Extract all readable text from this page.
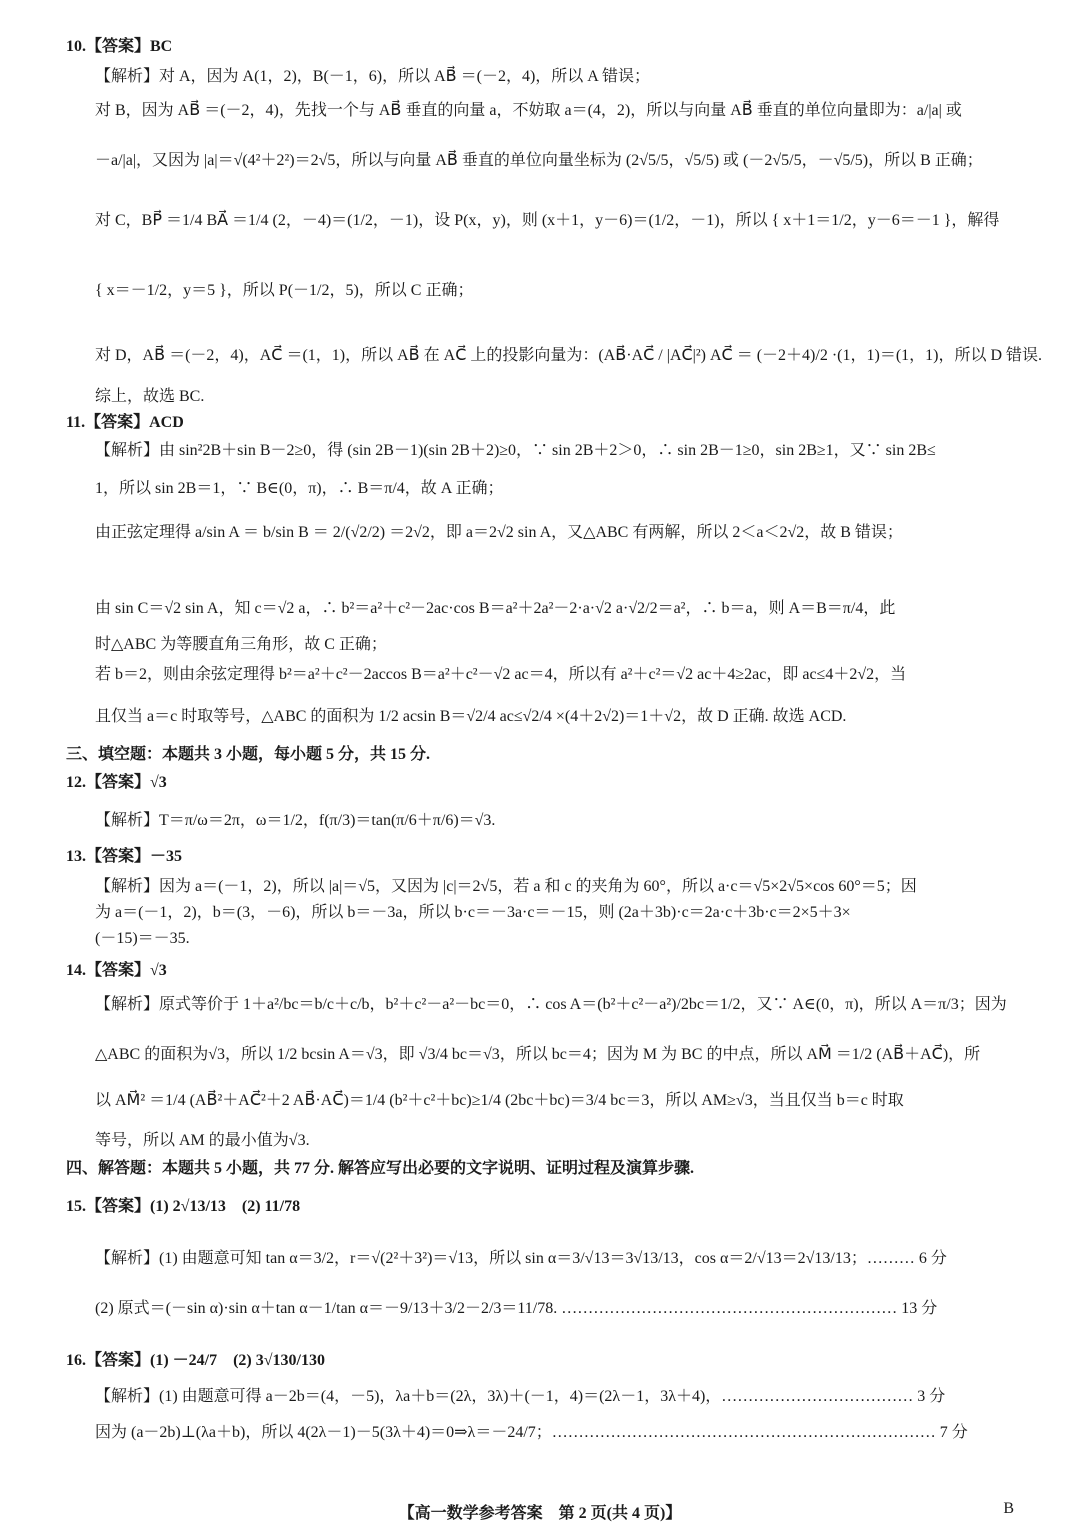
10.【答案】BC
【解析】对 A，因为 A(1，2)，B(－1，6)，所以 AB⃗ ＝(－2，4)，所以 A 错误；
对 B，因为 AB⃗ ＝(－2，4)，先找一个与 AB⃗ 垂直的向量 a，不妨取 a＝(4，2)，所以与向量 AB⃗ 垂直的单位向量即为：a/|a| 或
－a/|a|，又因为 |a|＝√(4²＋2²)＝2√5，所以与向量 AB⃗ 垂直的单位向量坐标为 (2√5/5，√5/5) 或 (－2√5/5，－√5/5)，所以 B 正确；
对 C，BP⃗ ＝1/4 BA⃗ ＝1/4 (2，－4)＝(1/2，－1)，设 P(x，y)，则 (x＋1，y－6)＝(1/2，－1)，所以 { x＋1＝1/2，y－6＝－1 }，解得
{ x＝－1/2，y＝5 }，所以 P(－1/2，5)，所以 C 正确；
对 D，AB⃗ ＝(－2，4)，AC⃗ ＝(1，1)，所以 AB⃗ 在 AC⃗ 上的投影向量为：(AB⃗·AC⃗ / |AC⃗|²) AC⃗ ＝ (－2＋4)/2 ·(1，1)＝(1，1)，所以 D 错误.
综上，故选 BC.
11.【答案】ACD
【解析】由 sin²2B＋sin B－2≥0，得 (sin 2B－1)(sin 2B＋2)≥0，∵ sin 2B＋2＞0，∴ sin 2B－1≥0，sin 2B≥1，又∵ sin 2B≤
1，所以 sin 2B＝1，∵ B∈(0，π)，∴ B＝π/4，故 A 正确；
由正弦定理得 a/sin A ＝ b/sin B ＝ 2/(√2/2) ＝2√2，即 a＝2√2 sin A，又△ABC 有两解，所以 2＜a＜2√2，故 B 错误；
由 sin C＝√2 sin A，知 c＝√2 a，∴ b²＝a²＋c²－2ac·cos B＝a²＋2a²－2·a·√2 a·√2/2＝a²，∴ b＝a，则 A＝B＝π/4，此
时△ABC 为等腰直角三角形，故 C 正确；
若 b＝2，则由余弦定理得 b²＝a²＋c²－2accos B＝a²＋c²－√2 ac＝4，所以有 a²＋c²＝√2 ac＋4≥2ac，即 ac≤4＋2√2，当
且仅当 a＝c 时取等号，△ABC 的面积为 1/2 acsin B＝√2/4 ac≤√2/4 ×(4＋2√2)＝1＋√2，故 D 正确. 故选 ACD.
三、填空题：本题共 3 小题，每小题 5 分，共 15 分.
12.【答案】√3
【解析】T＝π/ω＝2π，ω＝1/2，f(π/3)＝tan(π/6＋π/6)＝√3.
13.【答案】－35
【解析】因为 a＝(－1，2)，所以 |a|＝√5，又因为 |c|＝2√5，若 a 和 c 的夹角为 60°，所以 a·c＝√5×2√5×cos 60°＝5；因
为 a＝(－1，2)，b＝(3，－6)，所以 b＝－3a，所以 b·c＝－3a·c＝－15，则 (2a＋3b)·c＝2a·c＋3b·c＝2×5＋3×
(－15)＝－35.
14.【答案】√3
【解析】原式等价于 1＋a²/bc＝b/c＋c/b，b²＋c²－a²－bc＝0，∴ cos A＝(b²＋c²－a²)/2bc＝1/2，又∵ A∈(0，π)，所以 A＝π/3；因为
△ABC 的面积为√3，所以 1/2 bcsin A＝√3，即 √3/4 bc＝√3，所以 bc＝4；因为 M 为 BC 的中点，所以 AM⃗ ＝1/2 (AB⃗＋AC⃗)，所
以 AM⃗² ＝1/4 (AB⃗²＋AC⃗²＋2 AB⃗·AC⃗)＝1/4 (b²＋c²＋bc)≥1/4 (2bc＋bc)＝3/4 bc＝3，所以 AM≥√3，当且仅当 b＝c 时取
等号，所以 AM 的最小值为√3.
四、解答题：本题共 5 小题，共 77 分. 解答应写出必要的文字说明、证明过程及演算步骤.
15.【答案】(1) 2√13/13　(2) 11/78
【解析】(1) 由题意可知 tan α＝3/2，r＝√(2²＋3²)＝√13，所以 sin α＝3/√13＝3√13/13，cos α＝2/√13＝2√13/13；……… 6 分
(2) 原式＝(－sin α)·sin α＋tan α－1/tan α＝－9/13＋3/2－2/3＝11/78. ……………………………………………………… 13 分
16.【答案】(1) －24/7　(2) 3√130/130
【解析】(1) 由题意可得 a－2b＝(4，－5)，λa＋b＝(2λ，3λ)＋(－1，4)＝(2λ－1，3λ＋4)，……………………………… 3 分
因为 (a－2b)⊥(λa＋b)，所以 4(2λ－1)－5(3λ＋4)＝0⇒λ＝－24/7；……………………………………………………………… 7 分
【高一数学参考答案　第 2 页(共 4 页)】	B
